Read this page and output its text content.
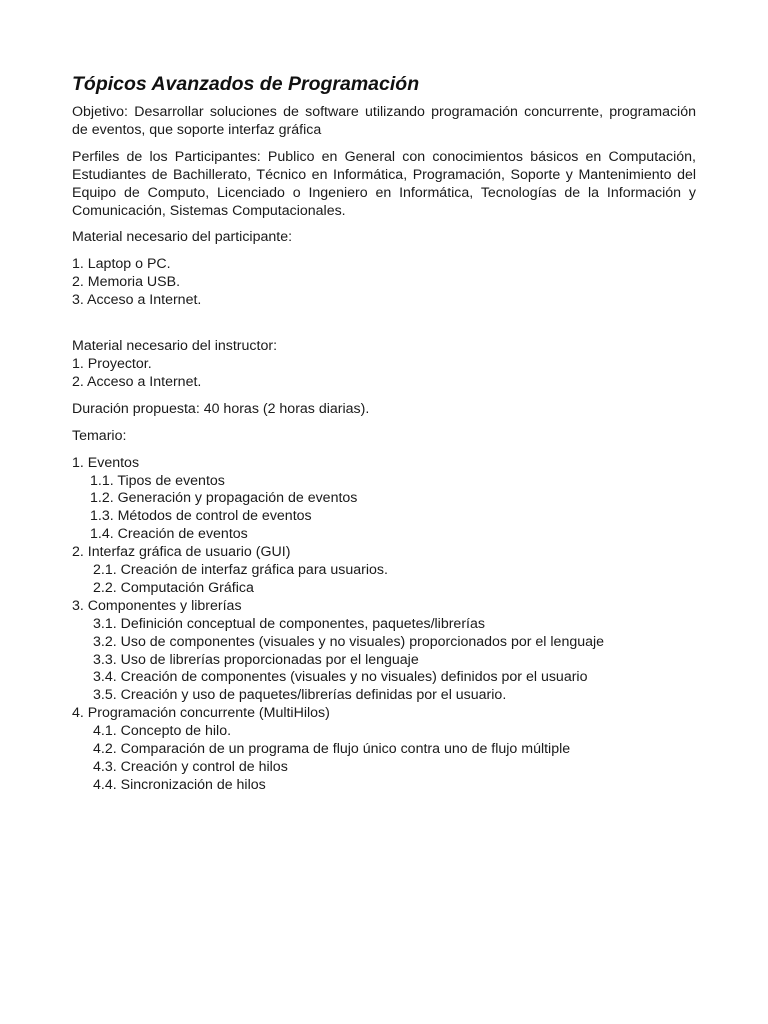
Tópicos Avanzados de Programación

Objetivo: Desarrollar soluciones de software utilizando programación concurrente, programación de eventos, que soporte interfaz gráfica

Perfiles de los Participantes: Publico en General con conocimientos básicos en Computación, Estudiantes de Bachillerato, Técnico en Informática, Programación, Soporte y Mantenimiento del Equipo de Computo, Licenciado o Ingeniero en Informática, Tecnologías de la Información y Comunicación, Sistemas Computacionales.

Material necesario del participante:

1. Laptop o PC.
2. Memoria USB.
3. Acceso a Internet.
Material necesario del instructor:
1. Proyector.
2. Acceso a Internet.

Duración propuesta: 40 horas (2 horas diarias).

Temario:

1. Eventos
1.1. Tipos de eventos
1.2. Generación y propagación de eventos
1.3. Métodos de control de eventos
1.4. Creación de eventos
2. Interfaz gráfica de usuario (GUI)
2.1. Creación de interfaz gráfica para usuarios.
2.2. Computación Gráfica
3. Componentes y librerías
3.1. Definición conceptual de componentes, paquetes/librerías
3.2. Uso de componentes (visuales y no visuales) proporcionados por el lenguaje
3.3. Uso de librerías proporcionadas por el lenguaje
3.4. Creación de componentes (visuales y no visuales) definidos por el usuario
3.5. Creación y uso de paquetes/librerías definidas por el usuario.
4. Programación concurrente (MultiHilos)
4.1. Concepto de hilo.
4.2. Comparación de un programa de flujo único contra uno de flujo múltiple
4.3. Creación y control de hilos
4.4. Sincronización de hilos
